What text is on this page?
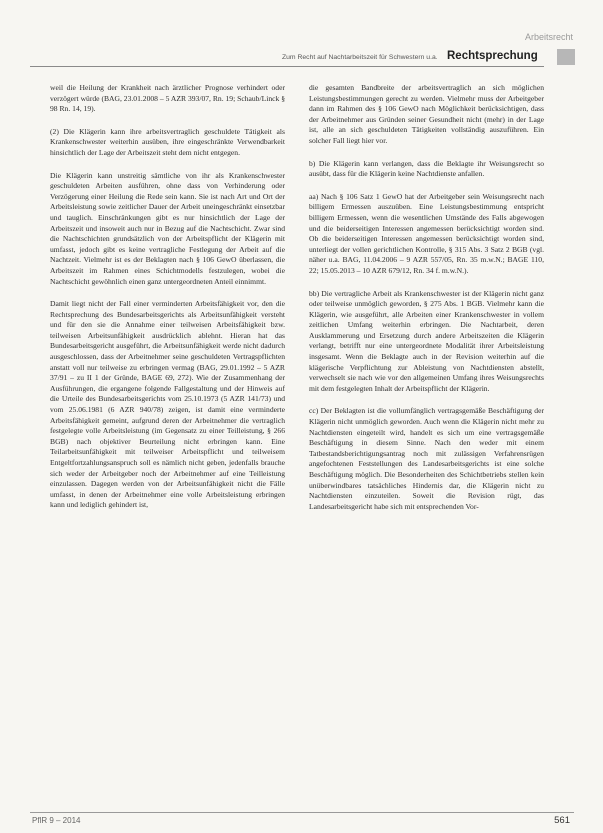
Arbeitsrecht
Zum Recht auf Nachtarbeitszeit für Schwestern u.a. Rechtsprechung

weil die Heilung der Krankheit nach ärztlicher Prognose verhindert oder verzögert würde (BAG, 23.01.2008 – 5 AZR 393/07, Rn. 19; Schaub/Linck § 98 Rn. 14, 19).

(2) Die Klägerin kann ihre arbeitsvertraglich geschuldete Tätigkeit als Krankenschwester weiterhin ausüben, ihre eingeschränkte Verwendbarkeit hinsichtlich der Lage der Arbeitszeit steht dem nicht entgegen.

Die Klägerin kann unstreitig sämtliche von ihr als Krankenschwester geschuldeten Arbeiten ausführen, ohne dass von Verhinderung oder Verzögerung einer Heilung die Rede sein kann. Sie ist nach Art und Ort der Arbeitsleistung sowie zeitlicher Dauer der Arbeit uneingeschränkt einsetzbar und tauglich. Einschränkungen gibt es nur hinsichtlich der Lage der Arbeitszeit und insoweit auch nur in Bezug auf die Nachtschicht. Zwar sind die Nachtschichten grundsätzlich von der Arbeitspflicht der Klägerin mit umfasst, jedoch gibt es keine vertragliche Festlegung der Arbeit auf die Nachtzeit. Vielmehr ist es der Beklagten nach § 106 GewO überlassen, die Arbeitszeit im Rahmen eines Schichtmodells festzulegen, wobei die Nachtschicht gewöhnlich einen ganz untergeordneten Anteil einnimmt.

Damit liegt nicht der Fall einer verminderten Arbeitsfähigkeit vor, den die Rechtsprechung des Bundesarbeitsgerichts als Arbeitsunfähigkeit versteht und für den sie die Annahme einer teilweisen Arbeitsfähigkeit bzw. teilweisen Arbeitsunfähigkeit ausdrücklich ablehnt. Hieran hat das Bundesarbeitsgericht ausgeführt, die Arbeitsunfähigkeit werde nicht dadurch ausgeschlossen, dass der Arbeitnehmer seine geschuldeten Vertragspflichten anstatt voll nur teilweise zu erbringen vermag (BAG, 29.01.1992 – 5 AZR 37/91 – zu II 1 der Gründe, BAGE 69, 272). Wie der Zusammenhang der Ausführungen, die ergangene folgende Fallgestaltung und der Hinweis auf die Urteile des Bundesarbeitsgerichts vom 25.10.1973 (5 AZR 141/73) und vom 25.06.1981 (6 AZR 940/78) zeigen, ist damit eine verminderte Arbeitsfähigkeit gemeint, aufgrund deren der Arbeitnehmer die vertraglich festgelegte volle Arbeitsleistung (im Gegensatz zu einer Teilleistung, § 266 BGB) nach objektiver Beurteilung nicht erbringen kann. Eine Teilarbeitsunfähigkeit mit teilweiser Arbeitspflicht und teilweisem Entgeltfortzahlungsanspruch soll es nämlich nicht geben, jedenfalls brauche sich weder der Arbeitgeber noch der Arbeitnehmer auf eine Teilleistung einzulassen. Dagegen werden von der Arbeitsunfähigkeit nicht die Fälle umfasst, in denen der Arbeitnehmer eine volle Arbeitsleistung erbringen kann und lediglich gehindert ist,

die gesamten Bandbreite der arbeitsvertraglich an sich möglichen Leistungsbestimmungen gerecht zu werden. Vielmehr muss der Arbeitgeber dann im Rahmen des § 106 GewO nach Möglichkeit berücksichtigen, dass der Arbeitnehmer aus Gründen seiner Gesundheit nicht (mehr) in der Lage ist, alle an sich geschuldeten Tätigkeiten vollständig auszuführen. Ein solcher Fall liegt hier vor.

b) Die Klägerin kann verlangen, dass die Beklagte ihr Weisungsrecht so ausübt, dass für die Klägerin keine Nachtdienste anfallen.

aa) Nach § 106 Satz 1 GewO hat der Arbeitgeber sein Weisungsrecht nach billigem Ermessen auszuüben. Eine Leistungsbestimmung entspricht billigem Ermessen, wenn die wesentlichen Umstände des Falls abgewogen und die beiderseitigen Interessen angemessen berücksichtigt worden sind. Ob die beiderseitigen Interessen angemessen berücksichtigt worden sind, unterliegt der vollen gerichtlichen Kontrolle, § 315 Abs. 3 Satz 2 BGB (vgl. näher u.a. BAG, 11.04.2006 – 9 AZR 557/05, Rn. 35 m.w.N.; BAGE 110, 22; 15.05.2013 – 10 AZR 679/12, Rn. 34 f. m.w.N.).

bb) Die vertragliche Arbeit als Krankenschwester ist der Klägerin nicht ganz oder teilweise unmöglich geworden, § 275 Abs. 1 BGB. Vielmehr kann die Klägerin, wie ausgeführt, alle Arbeiten einer Krankenschwester in vollem zeitlichen Umfang weiterhin erbringen. Die Nachtarbeit, deren Ausklammerung und Ersetzung durch andere Arbeitszeiten die Klägerin verlangt, betrifft nur eine untergeordnete Modalität ihrer Arbeitsleistung insgesamt. Wenn die Beklagte auch in der Revision weiterhin auf die klägerische Verpflichtung zur Ableistung von Nachtdiensten abstellt, verwechselt sie nach wie vor den allgemeinen Umfang ihres Weisungsrechts mit dem festgelegten Inhalt der Arbeitspflicht der Klägerin.

cc) Der Beklagten ist die vollumfänglich vertragsgemäße Beschäftigung der Klägerin nicht unmöglich geworden. Auch wenn die Klägerin nicht mehr zu Nachtdiensten eingeteilt wird, handelt es sich um eine vertragsgemäße Beschäftigung in diesem Sinne. Nach den weder mit einem Tatbestandsberichtigungsantrag noch mit zulässigen Verfahrensrügen angefochtenen Feststellungen des Landesarbeitsgerichts ist eine solche Beschäftigung möglich. Die Besonderheiten des Schichtbetriebs stellen kein unüberwindbares tatsächliches Hindernis dar, die Klägerin nicht zu Nachtdiensten einzuteilen. Soweit die Revision rügt, das Landesarbeitsgericht habe sich mit entsprechenden Vor-

PflR 9 – 2014	561
